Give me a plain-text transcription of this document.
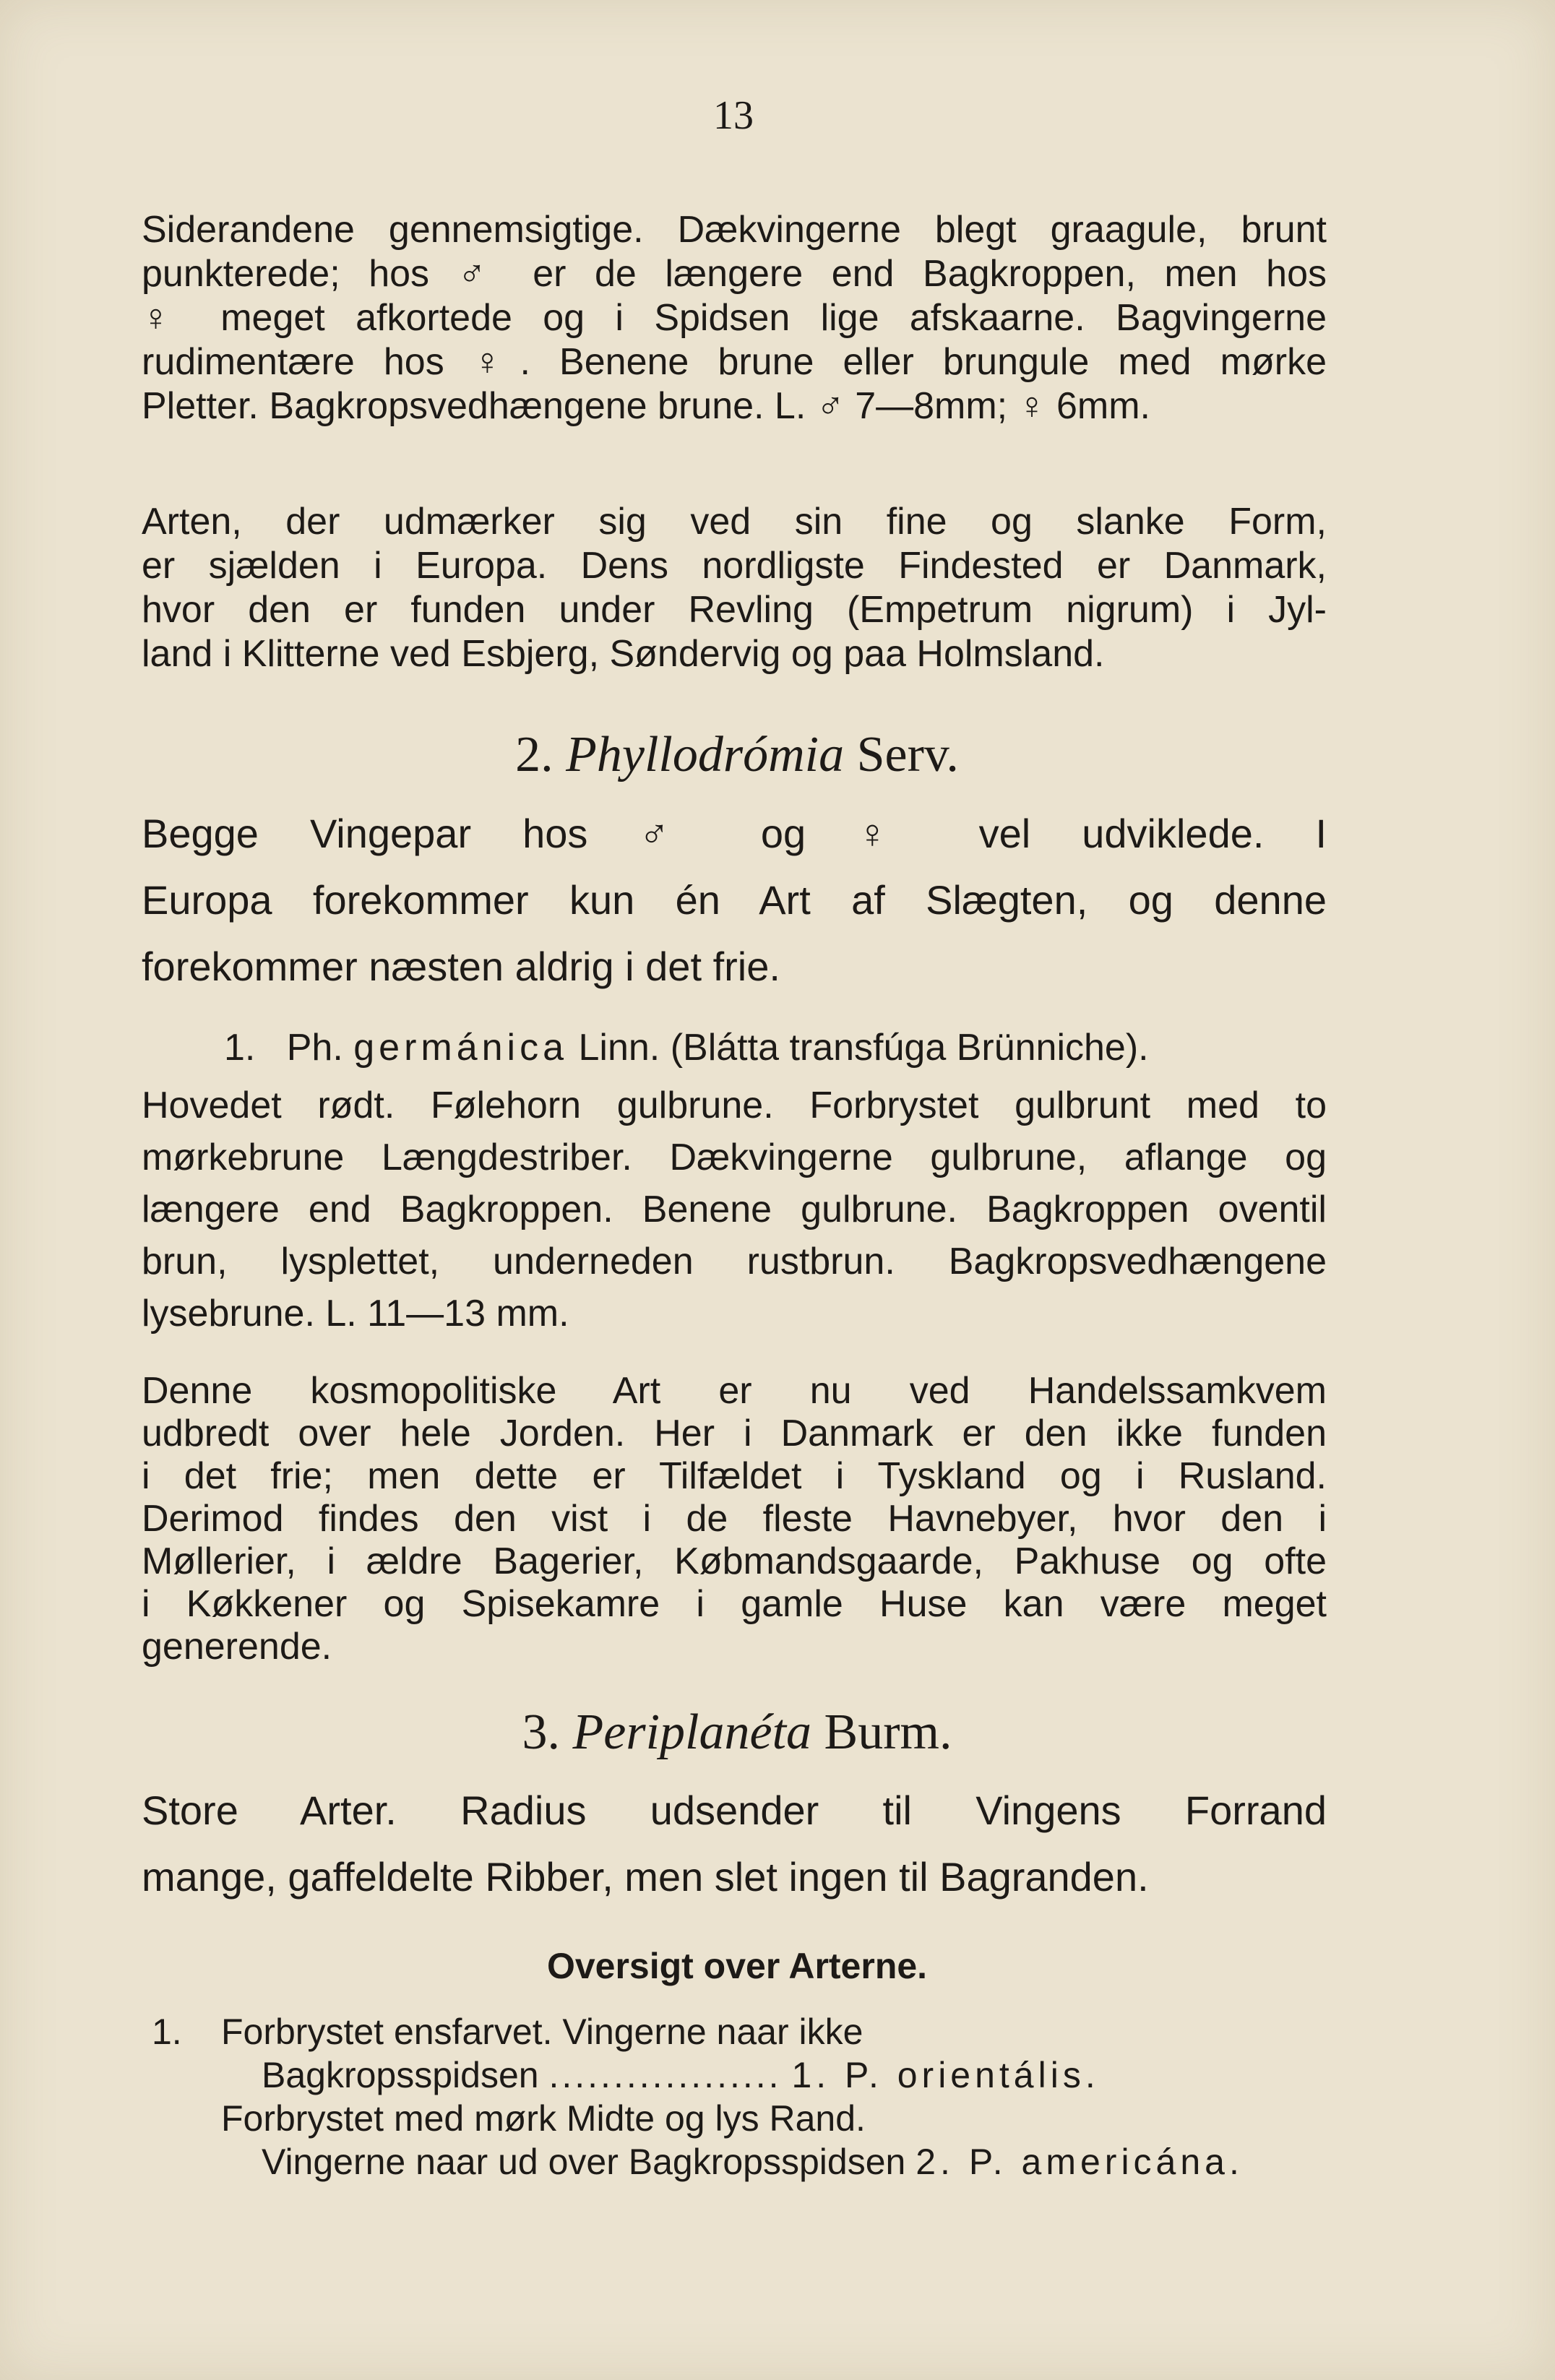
13
Siderandene gennemsigtige. Dækvingerne blegt graagule, brunt
punkterede; hos ♂ er de længere end Bagkroppen, men hos
♀ meget afkortede og i Spidsen lige afskaarne. Bagvingerne
rudimentære hos ♀. Benene brune eller brungule med mørke
Pletter. Bagkropsvedhængene brune. L. ♂ 7—8mm; ♀ 6mm.
Arten, der udmærker sig ved sin fine og slanke Form,
er sjælden i Europa. Dens nordligste Findested er Danmark,
hvor den er funden under Revling (Empetrum nigrum) i Jyl-
land i Klitterne ved Esbjerg, Søndervig og paa Holmsland.
2. Phyllodrómia Serv.
Begge Vingepar hos ♂ og ♀ vel udviklede. I
Europa forekommer kun én Art af Slægten, og denne
forekommer næsten aldrig i det frie.
1. Ph. germánica Linn. (Blátta transfúga Brünniche).
Hovedet rødt. Følehorn gulbrune. Forbrystet gulbrunt med to
mørkebrune Længdestriber. Dækvingerne gulbrune, aflange og
længere end Bagkroppen. Benene gulbrune. Bagkroppen oventil
brun, lysplettet, underneden rustbrun. Bagkropsvedhængene
lysebrune. L. 11—13 mm.
Denne kosmopolitiske Art er nu ved Handelssamkvem
udbredt over hele Jorden. Her i Danmark er den ikke funden
i det frie; men dette er Tilfældet i Tyskland og i Rusland.
Derimod findes den vist i de fleste Havnebyer, hvor den i
Møllerier, i ældre Bagerier, Købmandsgaarde, Pakhuse og ofte
i Køkkener og Spisekamre i gamle Huse kan være meget
generende.
3. Periplanéta Burm.
Store Arter. Radius udsender til Vingens Forrand
mange, gaffeldelte Ribber, men slet ingen til Bagranden.
Oversigt over Arterne.
1. Forbrystet ensfarvet. Vingerne naar ikke
Bagkropsspidsen .................. 1. P. orientális.
Forbrystet med mørk Midte og lys Rand.
Vingerne naar ud over Bagkropsspidsen 2. P. americána.
